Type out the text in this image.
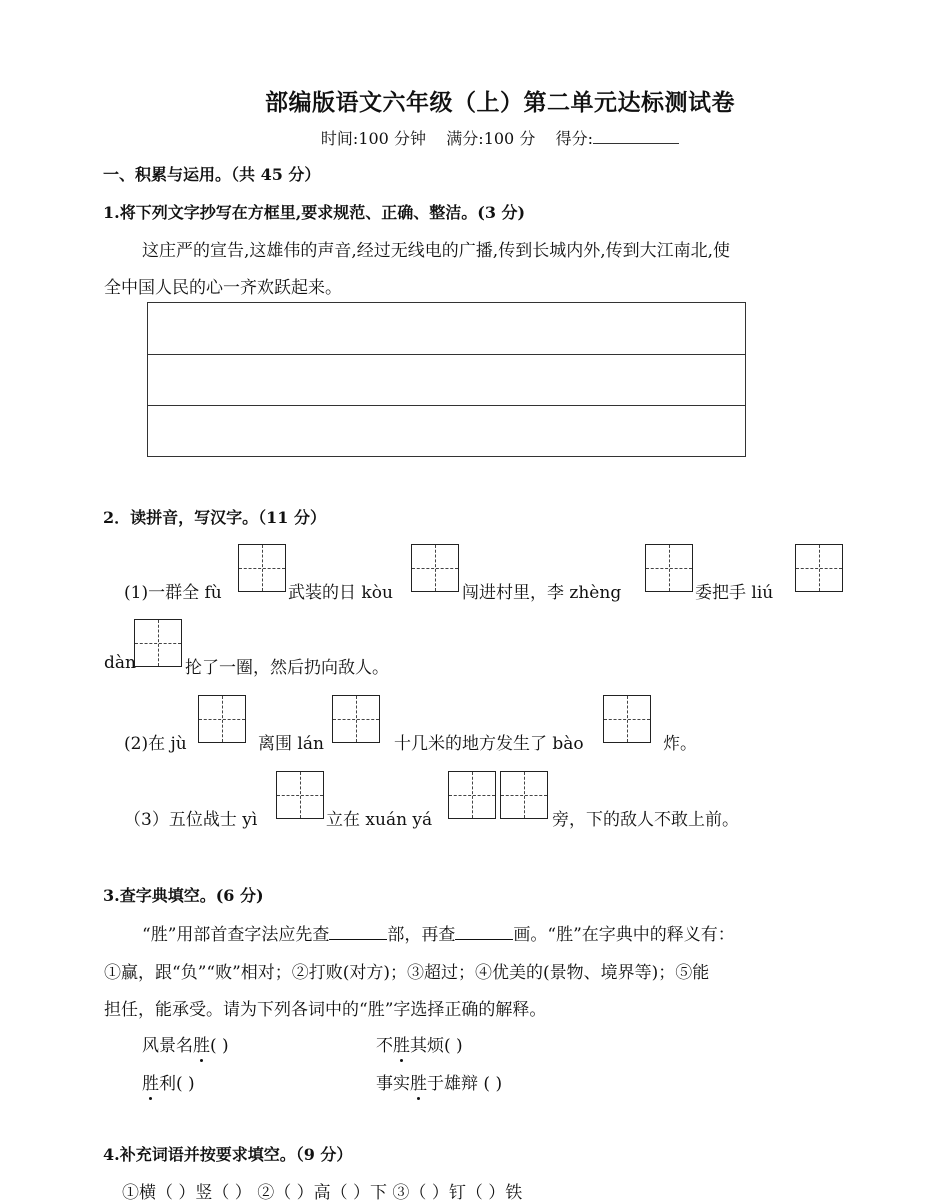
部编版语文六年级（上）第二单元达标测试卷
时间:100 分钟 满分:100 分 得分:
一、积累与运用。（共 45 分）
1.将下列文字抄写在方框里,要求规范、正确、整洁。(3 分)
这庄严的宣告,这雄伟的声音,经过无线电的广播,传到长城内外,传到大江南北,使
全中国人民的心一齐欢跃起来。
2．读拼音，写汉字。（11 分）
(1)一群全 fù	武装的日 kòu	闯进村里，李 zhèng	委把手 liú
dàn	抡了一圈，然后扔向敌人。
(2)在 jù	离围 lán	十几米的地方发生了 bào	炸。
（3）五位战士 yì	立在 xuán yá	旁，下的敌人不敢上前。
3.查字典填空。(6 分)
“胜”用部首查字法应先查	部，再查	画。“胜”在字典中的释义有：
①赢，跟“负”“败”相对；②打败(对方)；③超过；④优美的(景物、境界等)；⑤能
担任，能承受。请为下列各词中的“胜”字选择正确的解释。
风景名胜( )	不胜其烦( )
胜利( )	事实胜于雄辩 ( )
4.补充词语并按要求填空。（9 分）
①横（ ）竖（ ） ②（ ）高（ ）下 ③（ ）钉（ ）铁
